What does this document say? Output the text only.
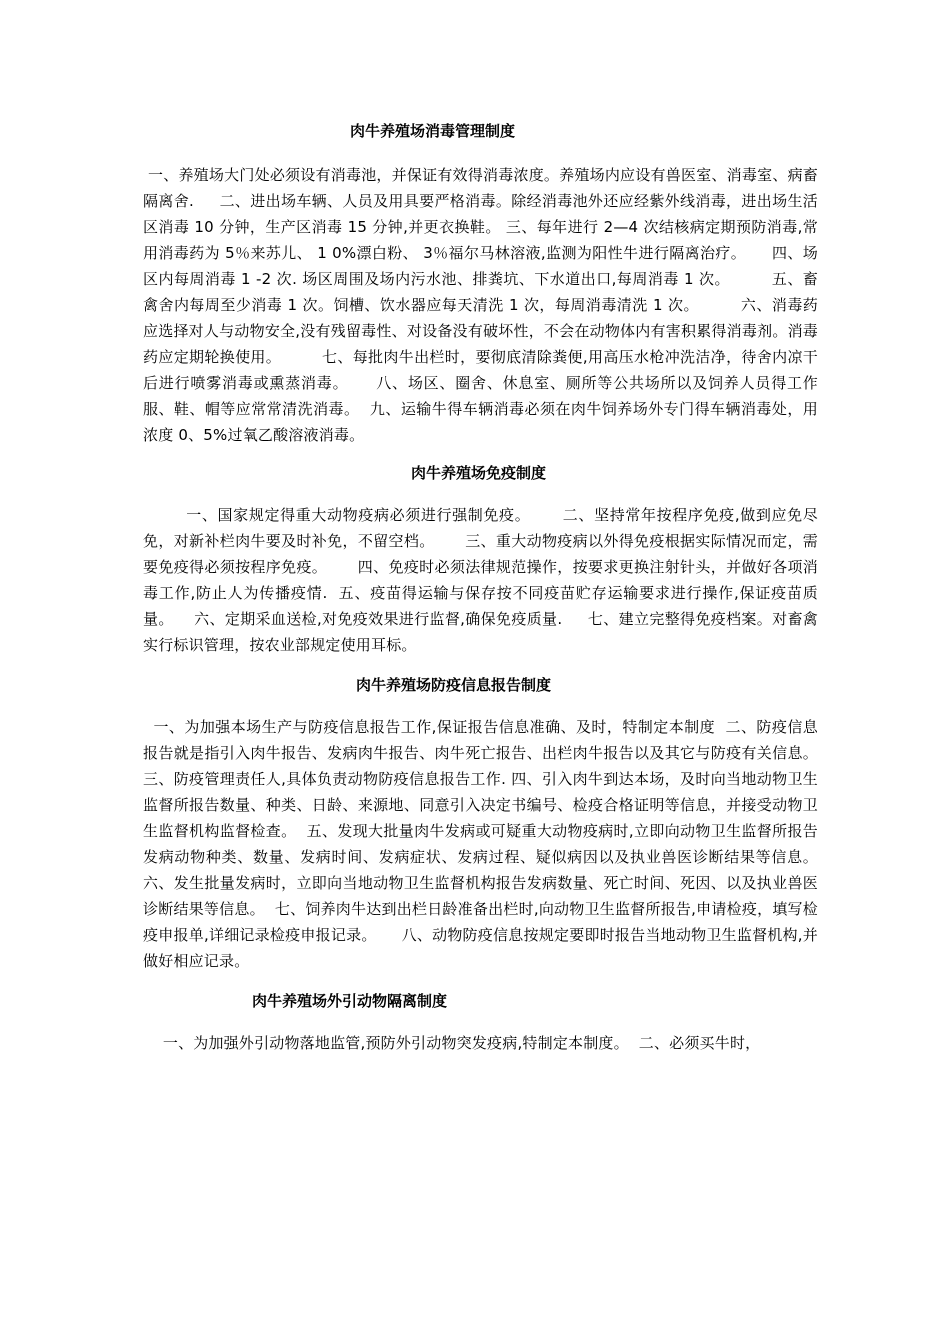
肉牛养殖场消毒管理制度

一、养殖场大门处必须设有消毒池，并保证有效得消毒浓度。养殖场内应设有兽医室、消毒室、病畜隔离舍.     二、进出场车辆、人员及用具要严格消毒。除经消毒池外还应经紫外线消毒，进出场生活区消毒 10 分钟，生产区消毒 15 分钟,并更衣换鞋。 三、每年进行 2—4 次结核病定期预防消毒,常用消毒药为 5％来苏儿、 1 0%漂白粉、 3％福尔马林溶液,监测为阳性牛进行隔离治疗。     四、场区内每周消毒 1 -2 次. 场区周围及场内污水池、排粪坑、下水道出口,每周消毒 1 次。        五、畜禽舍内每周至少消毒 1 次。饲槽、饮水器应每天清洗 1 次，每周消毒清洗 1 次。        六、消毒药应选择对人与动物安全,没有残留毒性、对设备没有破坏性，不会在动物体内有害积累得消毒剂。消毒药应定期轮换使用。        七、每批肉牛出栏时，要彻底清除粪便,用高压水枪冲洗洁净，待舍内凉干后进行喷雾消毒或熏蒸消毒。     八、场区、圈舍、休息室、厕所等公共场所以及饲养人员得工作服、鞋、帽等应常常清洗消毒。  九、运输牛得车辆消毒必须在肉牛饲养场外专门得车辆消毒处，用浓度 0、5%过氧乙酸溶液消毒。

肉牛养殖场免疫制度

一、国家规定得重大动物疫病必须进行强制免疫。      二、坚持常年按程序免疫,做到应免尽免，对新补栏肉牛要及时补免，不留空档。      三、重大动物疫病以外得免疫根据实际情况而定，需要免疫得必须按程序免疫。      四、免疫时必须法律规范操作，按要求更换注射针头，并做好各项消毒工作,防止人为传播疫情.  五、疫苗得运输与保存按不同疫苗贮存运输要求进行操作,保证疫苗质量。    六、定期采血送检,对免疫效果进行监督,确保免疫质量.     七、建立完整得免疫档案。对畜禽实行标识管理，按农业部规定使用耳标。

肉牛养殖场防疫信息报告制度

一、为加强本场生产与防疫信息报告工作,保证报告信息准确、及时，特制定本制度  二、防疫信息报告就是指引入肉牛报告、发病肉牛报告、肉牛死亡报告、出栏肉牛报告以及其它与防疫有关信息。 三、防疫管理责任人,具体负责动物防疫信息报告工作. 四、引入肉牛到达本场，及时向当地动物卫生监督所报告数量、种类、日龄、来源地、同意引入决定书编号、检疫合格证明等信息，并接受动物卫生监督机构监督检查。  五、发现大批量肉牛发病或可疑重大动物疫病时,立即向动物卫生监督所报告发病动物种类、数量、发病时间、发病症状、发病过程、疑似病因以及执业兽医诊断结果等信息。  六、发生批量发病时，立即向当地动物卫生监督机构报告发病数量、死亡时间、死因、以及执业兽医诊断结果等信息。  七、饲养肉牛达到出栏日龄准备出栏时,向动物卫生监督所报告,申请检疫，填写检疫申报单,详细记录检疫申报记录。     八、动物防疫信息按规定要即时报告当地动物卫生监督机构,并做好相应记录。

肉牛养殖场外引动物隔离制度

一、为加强外引动物落地监管,预防外引动物突发疫病,特制定本制度。  二、必须买牛时，
